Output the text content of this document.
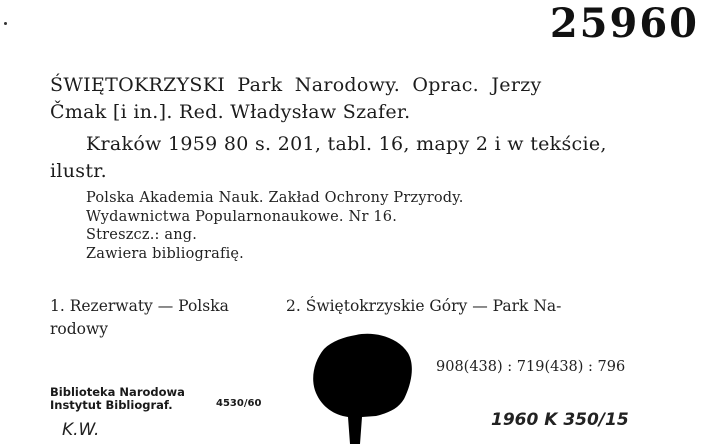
25960
ŚWIĘTOKRZYSKI Park Narodowy. Oprac. Jerzy
Čmak [i in.]. Red. Władysław Szafer.
Kraków 1959 80 s. 201, tabl. 16, mapy 2 i w tekście,
ilustr.
Polska Akademia Nauk. Zakład Ochrony Przyrody.
Wydawnictwa Popularnonaukowe. Nr 16.
Streszcz.: ang.
Zawiera bibliografię.
1. Rezerwaty — Polska	2. Świętokrzyskie Góry — Park Na-
rodowy
908(438) : 719(438) : 796
Biblioteka Narodowa
Instytut Bibliograf.	4530/60
K.W.	1960 K 350/15
